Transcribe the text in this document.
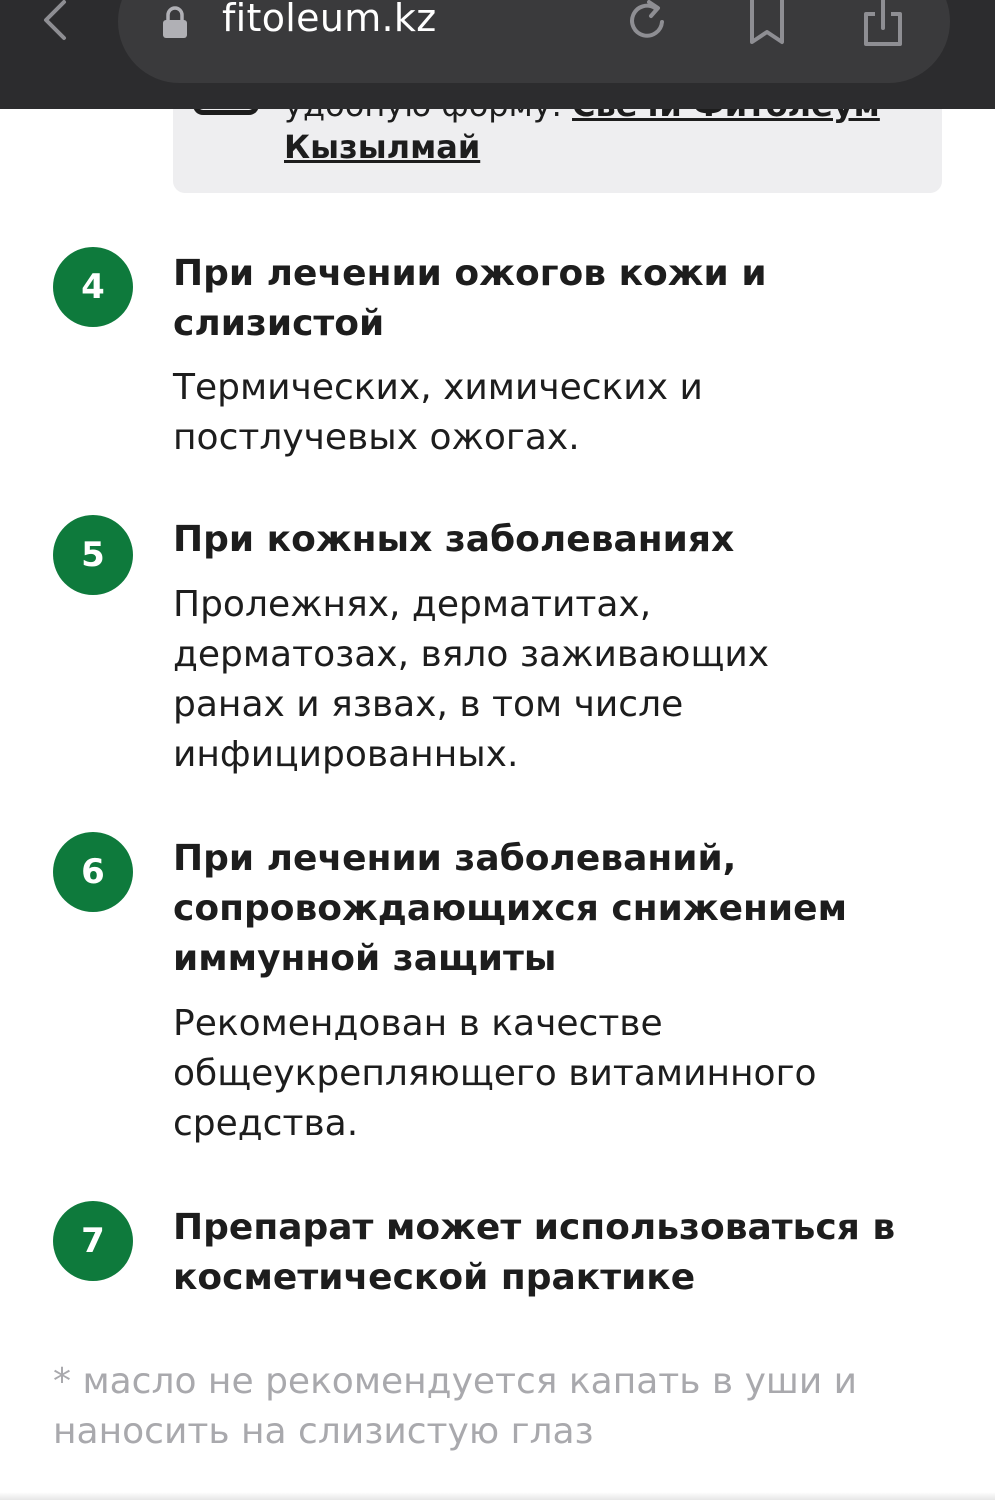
Кызылмай
fitoleum.kz
4	При лечении ожогов кожи и слизистой
Термических, химических и постлучевых ожогах.
5	При кожных заболеваниях
Пролежнях, дерматитах, дерматозах, вяло заживающих ранах и язвах, в том числе инфицированных.
6	При лечении заболеваний, сопровождающихся снижением иммунной защиты
Рекомендован в качестве общеукрепляющего витаминного средства.
7	Препарат может использоваться в косметической практике
* масло не рекомендуется капать в уши и наносить на слизистую глаз
